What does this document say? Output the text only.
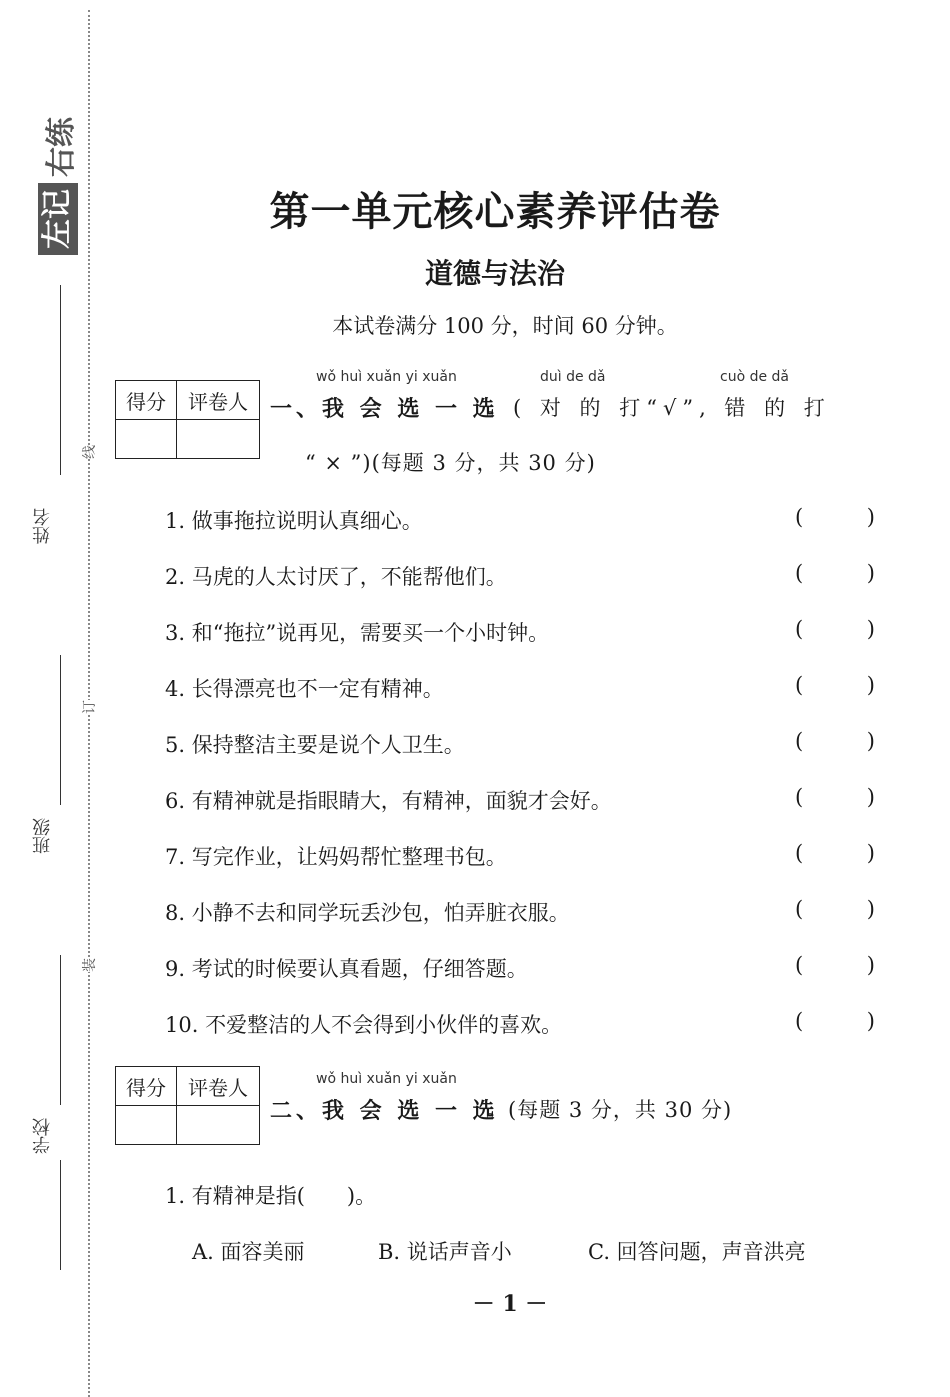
左记
右练
姓名
班级
学校
线
订
装
第一单元核心素养评估卷
道德与法治
本试卷满分 100 分，时间 60 分钟。
得分	评卷人

wǒ huì xuǎn yi xuǎn	duì de dǎ	cuò de dǎ
一、我 会 选 一 选
。( 对 的 打“√”, 错 的 打
“ × ”)(每题 3 分，共 30 分)
1. 做事拖拉说明认真细心。	(	)
2. 马虎的人太讨厌了，不能帮他们。	(	)
3. 和“拖拉”说再见，需要买一个小时钟。	(	)
4. 长得漂亮也不一定有精神。	(	)
5. 保持整洁主要是说个人卫生。	(	)
6. 有精神就是指眼睛大，有精神，面貌才会好。	(	)
7. 写完作业，让妈妈帮忙整理书包。	(	)
8. 小静不去和同学玩丢沙包，怕弄脏衣服。	(	)
9. 考试的时候要认真看题，仔细答题。	(	)
10. 不爱整洁的人不会得到小伙伴的喜欢。	(	)
得分	评卷人
		wǒ huì xuǎn yi xuǎn
二、我 会 选 一 选
。(每题 3 分，共 30 分)
1. 有精神是指(　　)。
A. 面容美丽	B. 说话声音小	C. 回答问题，声音洪亮
－ 1 －
